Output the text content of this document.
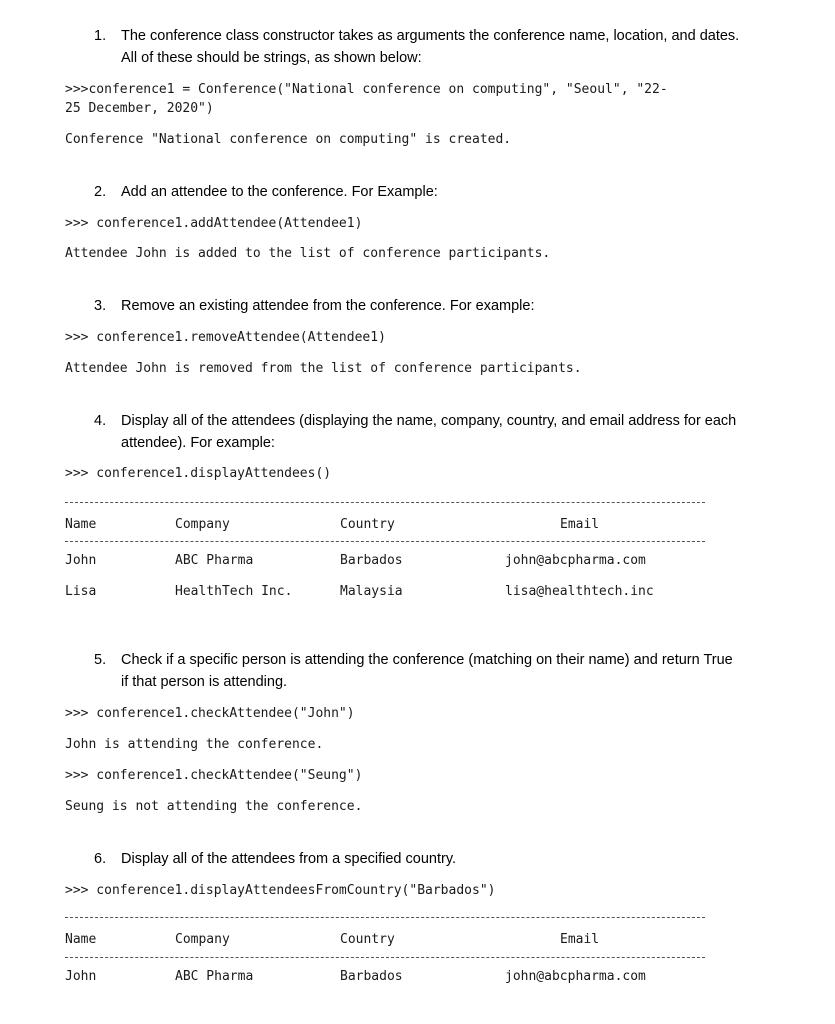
1. The conference class constructor takes as arguments the conference name, location, and dates.
All of these should be strings, as shown below:
>>>conference1 = Conference("National conference on computing", "Seoul", "22-
25 December, 2020")
Conference "National conference on computing" is created.
2. Add an attendee to the conference. For Example:
>>> conference1.addAttendee(Attendee1)
Attendee John is added to the list of conference participants.
3. Remove an existing attendee from the conference. For example:
>>> conference1.removeAttendee(Attendee1)
Attendee John is removed from the list of conference participants.
4. Display all of the attendees (displaying the name, company, country, and email address for each
attendee). For example:
>>> conference1.displayAttendees()
Name	Company	Country	Email
John	ABC Pharma	Barbados	john@abcpharma.com
Lisa	HealthTech Inc.	Malaysia	lisa@healthtech.inc
5. Check if a specific person is attending the conference (matching on their name) and return True
if that person is attending.
>>> conference1.checkAttendee("John")
John is attending the conference.
>>> conference1.checkAttendee("Seung")
Seung is not attending the conference.
6. Display all of the attendees from a specified country.
>>> conference1.displayAttendeesFromCountry("Barbados")
Name	Company	Country	Email
John	ABC Pharma	Barbados	john@abcpharma.com
